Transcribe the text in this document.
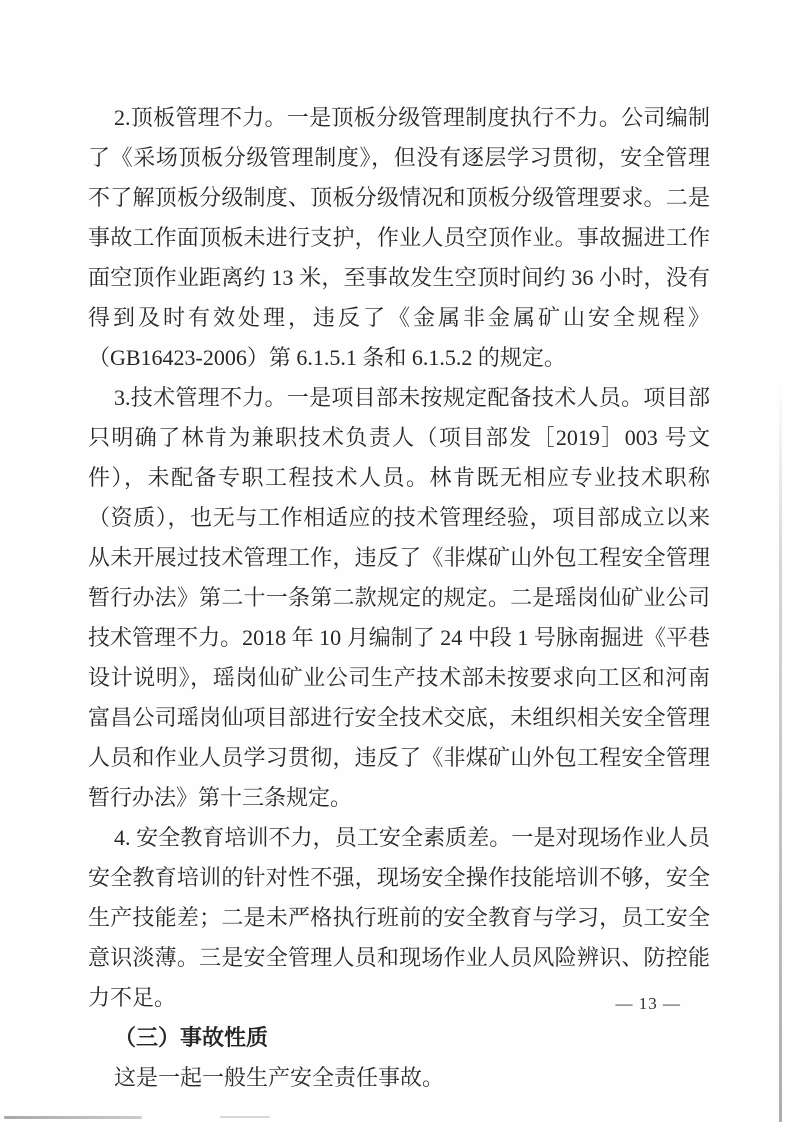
2.顶板管理不力。一是顶板分级管理制度执行不力。公司编制了《采场顶板分级管理制度》，但没有逐层学习贯彻，安全管理不了解顶板分级制度、顶板分级情况和顶板分级管理要求。二是事故工作面顶板未进行支护，作业人员空顶作业。事故掘进工作面空顶作业距离约 13 米，至事故发生空顶时间约 36 小时，没有得到及时有效处理，违反了《金属非金属矿山安全规程》（GB16423-2006）第 6.1.5.1 条和 6.1.5.2 的规定。

3.技术管理不力。一是项目部未按规定配备技术人员。项目部只明确了林肯为兼职技术负责人（项目部发［2019］003 号文件），未配备专职工程技术人员。林肯既无相应专业技术职称（资质），也无与工作相适应的技术管理经验，项目部成立以来从未开展过技术管理工作，违反了《非煤矿山外包工程安全管理暂行办法》第二十一条第二款规定的规定。二是瑶岗仙矿业公司技术管理不力。2018 年 10 月编制了 24 中段 1 号脉南掘进《平巷设计说明》，瑶岗仙矿业公司生产技术部未按要求向工区和河南富昌公司瑶岗仙项目部进行安全技术交底，未组织相关安全管理人员和作业人员学习贯彻，违反了《非煤矿山外包工程安全管理暂行办法》第十三条规定。

4. 安全教育培训不力，员工安全素质差。一是对现场作业人员安全教育培训的针对性不强，现场安全操作技能培训不够，安全生产技能差；二是未严格执行班前的安全教育与学习，员工安全意识淡薄。三是安全管理人员和现场作业人员风险辨识、防控能力不足。

（三）事故性质

这是一起一般生产安全责任事故。

— 13 —
